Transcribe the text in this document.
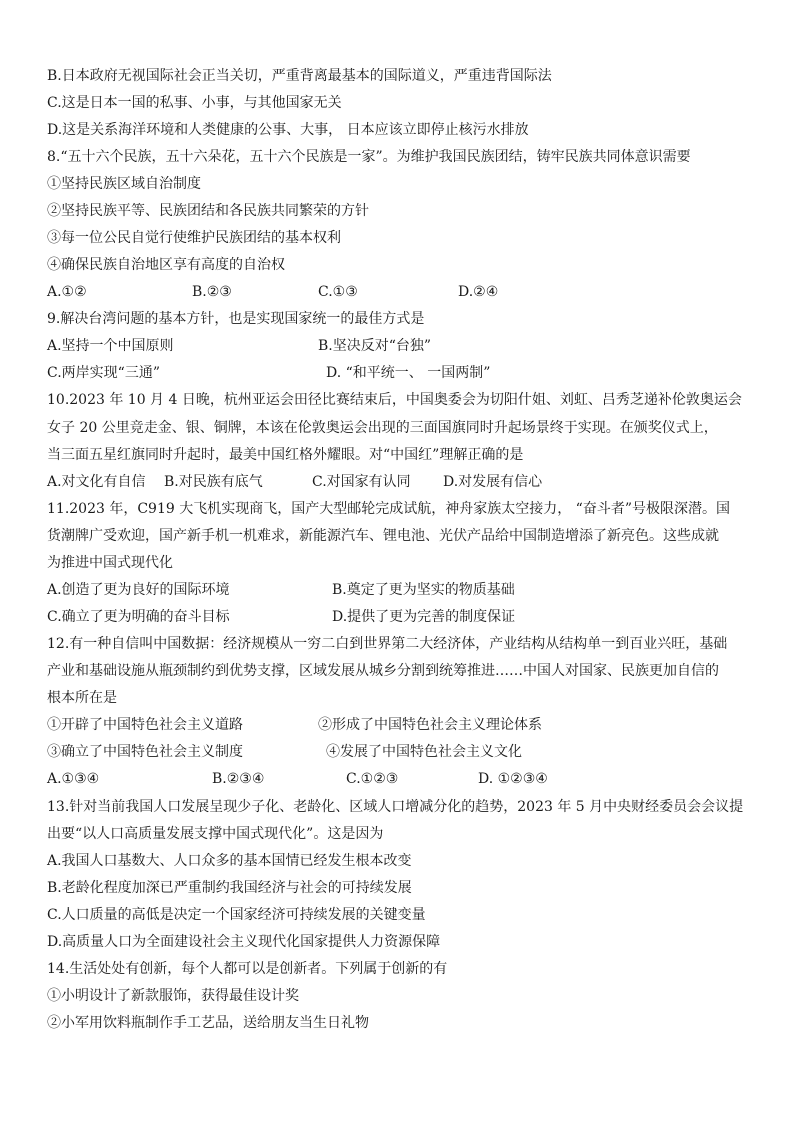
B.日本政府无视国际社会正当关切，严重背离最基本的国际道义，严重违背国际法
C.这是日本一国的私事、小事，与其他国家无关
D.这是关系海洋环境和人类健康的公事、大事， 日本应该立即停止核污水排放
8.“五十六个民族，五十六朵花，五十六个民族是一家”。为维护我国民族团结，铸牢民族共同体意识需要
①坚持民族区域自治制度
②坚持民族平等、民族团结和各民族共同繁荣的方针
③每一位公民自觉行使维护民族团结的基本权利
④确保民族自治地区享有高度的自治权
A.①②	B.②③	C.①③	D.②④
9.解决台湾问题的基本方针，也是实现国家统一的最佳方式是
A.坚持一个中国原则	B.坚决反对“台独”
C.两岸实现“三通”	D. “和平统一、 一国两制”
10.2023 年 10 月 4 日晚，杭州亚运会田径比赛结束后，中国奥委会为切阳什姐、刘虹、吕秀芝递补伦敦奥运会
女子 20 公里竞走金、银、铜牌，本该在伦敦奥运会出现的三面国旗同时升起场景终于实现。在颁奖仪式上，
当三面五星红旗同时升起时，最美中国红格外耀眼。对“中国红”理解正确的是
A.对文化有自信 B.对民族有底气	C.对国家有认同 D.对发展有信心
11.2023 年，C919 大飞机实现商飞，国产大型邮轮完成试航，神舟家族太空接力， “奋斗者”号极限深潜。国
货潮牌广受欢迎，国产新手机一机难求，新能源汽车、锂电池、光伏产品给中国制造增添了新亮色。这些成就
为推进中国式现代化
A.创造了更为良好的国际环境	B.奠定了更为坚实的物质基础
C.确立了更为明确的奋斗目标	D.提供了更为完善的制度保证
12.有一种自信叫中国数据：经济规模从一穷二白到世界第二大经济体，产业结构从结构单一到百业兴旺，基础
产业和基础设施从瓶颈制约到优势支撑，区域发展从城乡分割到统筹推进……中国人对国家、民族更加自信的
根本所在是
①开辟了中国特色社会主义道路	②形成了中国特色社会主义理论体系
③确立了中国特色社会主义制度	④发展了中国特色社会主义文化
A.①③④	B.②③④	C.①②③	D. ①②③④
13.针对当前我国人口发展呈现少子化、老龄化、区域人口增减分化的趋势，2023 年 5 月中央财经委员会会议提
出要“以人口高质量发展支撑中国式现代化”。这是因为
A.我国人口基数大、人口众多的基本国情已经发生根本改变
B.老龄化程度加深已严重制约我国经济与社会的可持续发展
C.人口质量的高低是决定一个国家经济可持续发展的关键变量
D.高质量人口为全面建设社会主义现代化国家提供人力资源保障
14.生活处处有创新，每个人都可以是创新者。下列属于创新的有
①小明设计了新款服饰，获得最佳设计奖
②小军用饮料瓶制作手工艺品，送给朋友当生日礼物
